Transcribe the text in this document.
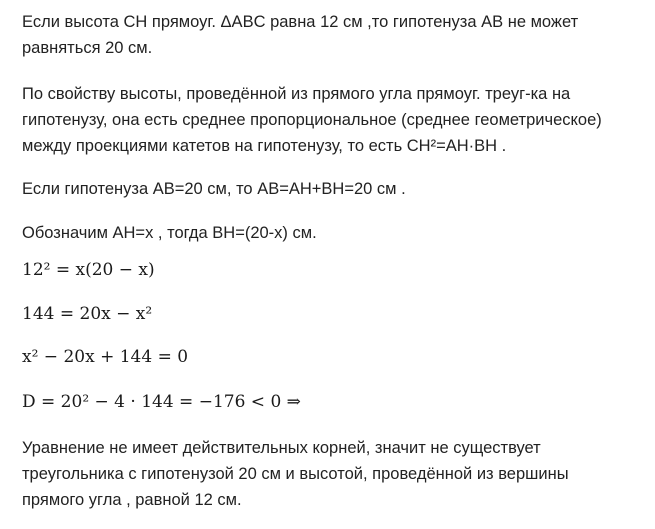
Если высота CH прямоуг. ΔABC равна 12 см ,то гипотенуза AB не может
равняться 20 см.
По свойству высоты, проведённой из прямого угла прямоуг. треуг-ка на
гипотенузу, она есть среднее пропорциональное (среднее геометрическое)
между проекциями катетов на гипотенузу, то есть CH²=AH·BH .
Если гипотенуза AB=20 см, то AB=AH+BH=20 см .
Обозначим AH=x , тогда BH=(20-x) см.
12² = x(20 − x)
144 = 20x − x²
x² − 20x + 144 = 0
D = 20² − 4 · 144 = −176 < 0 ⇒
Уравнение не имеет действительных корней, значит не существует
треугольника с гипотенузой 20 см и высотой, проведённой из вершины
прямого угла , равной 12 см.
